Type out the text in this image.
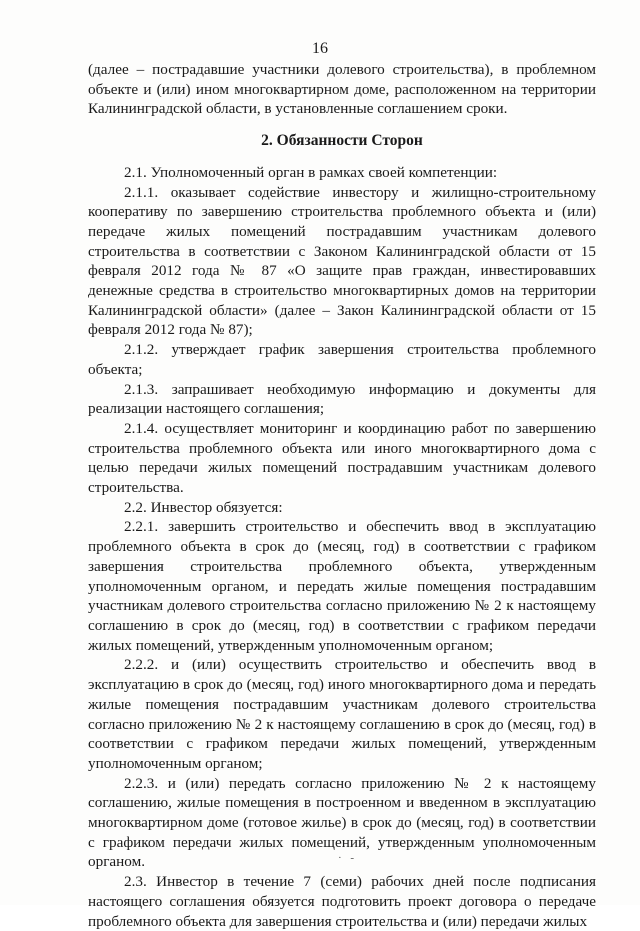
16

(далее – пострадавшие участники долевого строительства), в проблемном объекте и (или) ином многоквартирном доме, расположенном на территории Калининградской области, в установленные соглашением сроки.

2. Обязанности Сторон

2.1. Уполномоченный орган в рамках своей компетенции:

2.1.1. оказывает содействие инвестору и жилищно-строительному кооперативу по завершению строительства проблемного объекта и (или) передаче жилых помещений пострадавшим участникам долевого строительства в соответствии с Законом Калининградской области от 15 февраля 2012 года № 87 «О защите прав граждан, инвестировавших денежные средства в строительство многоквартирных домов на территории Калининградской области» (далее – Закон Калининградской области от 15 февраля 2012 года № 87);

2.1.2. утверждает график завершения строительства проблемного объекта;

2.1.3. запрашивает необходимую информацию и документы для реализации настоящего соглашения;

2.1.4. осуществляет мониторинг и координацию работ по завершению строительства проблемного объекта или иного многоквартирного дома с целью передачи жилых помещений пострадавшим участникам долевого строительства.

2.2. Инвестор обязуется:

2.2.1. завершить строительство и обеспечить ввод в эксплуатацию проблемного объекта в срок до (месяц, год) в соответствии с графиком завершения строительства проблемного объекта, утвержденным уполномоченным органом, и передать жилые помещения пострадавшим участникам долевого строительства согласно приложению № 2 к настоящему соглашению в срок до (месяц, год) в соответствии с графиком передачи жилых помещений, утвержденным уполномоченным органом;

2.2.2. и (или) осуществить строительство и обеспечить ввод в эксплуатацию в срок до (месяц, год) иного многоквартирного дома и передать жилые помещения пострадавшим участникам долевого строительства согласно приложению № 2 к настоящему соглашению в срок до (месяц, год) в соответствии с графиком передачи жилых помещений, утвержденным уполномоченным органом;

2.2.3. и (или) передать согласно приложению № 2 к настоящему соглашению, жилые помещения в построенном и введенном в эксплуатацию многоквартирном доме (готовое жилье) в срок до (месяц, год) в соответствии с графиком передачи жилых помещений, утвержденным уполномоченным органом.

2.3. Инвестор в течение 7 (семи) рабочих дней после подписания настоящего соглашения обязуется подготовить проект договора о передаче проблемного объекта для завершения строительства и (или) передачи жилых

· -
